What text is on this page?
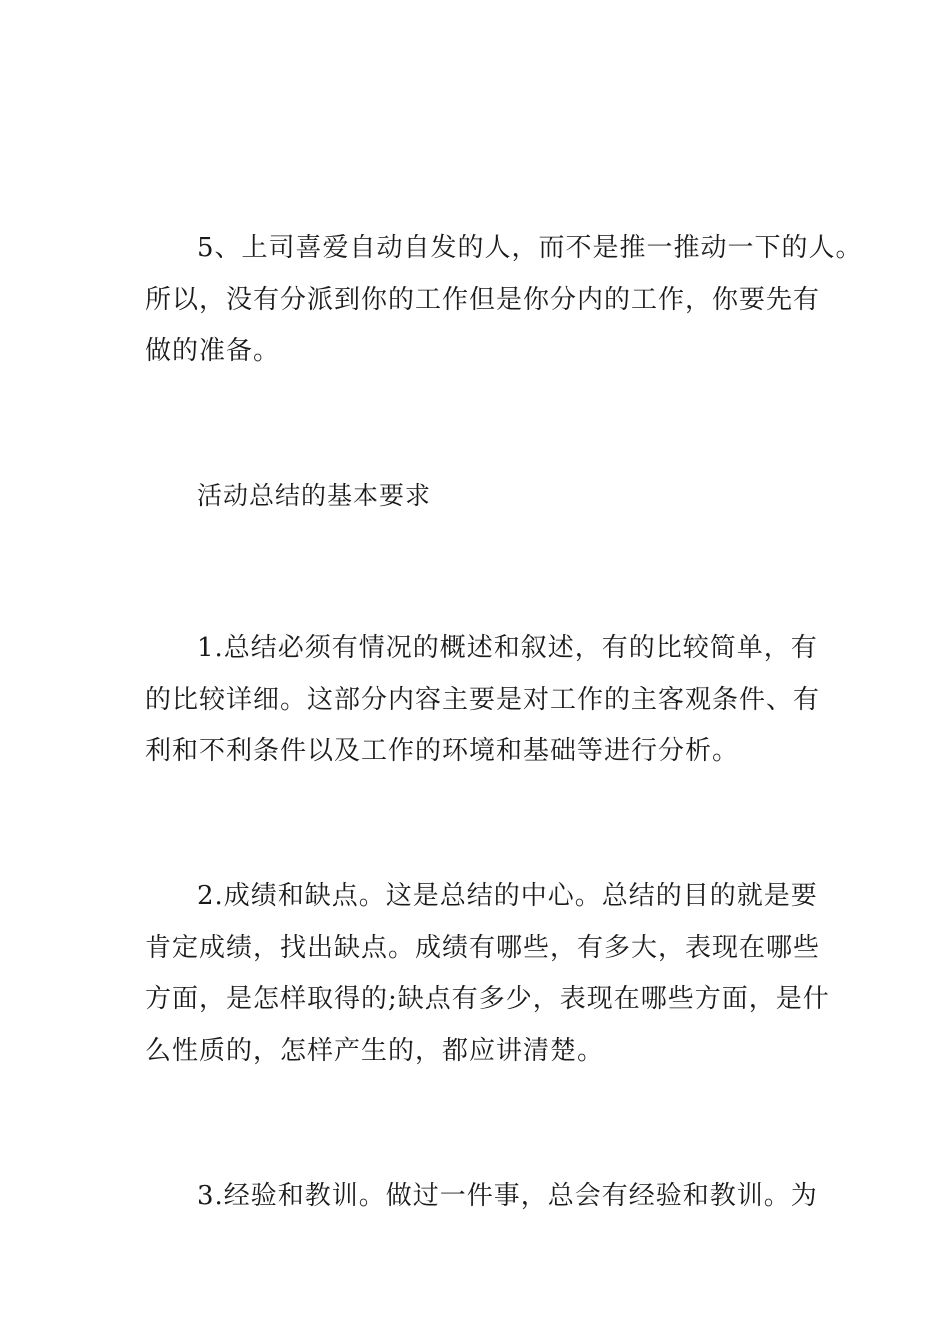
5、上司喜爱自动自发的人，而不是推一推动一下的人。
所以，没有分派到你的工作但是你分内的工作，你要先有
做的准备。
活动总结的基本要求
1.总结必须有情况的概述和叙述，有的比较简单，有
的比较详细。这部分内容主要是对工作的主客观条件、有
利和不利条件以及工作的环境和基础等进行分析。
2.成绩和缺点。这是总结的中心。总结的目的就是要
肯定成绩，找出缺点。成绩有哪些，有多大，表现在哪些
方面，是怎样取得的;缺点有多少，表现在哪些方面，是什
么性质的，怎样产生的，都应讲清楚。
3.经验和教训。做过一件事，总会有经验和教训。为
